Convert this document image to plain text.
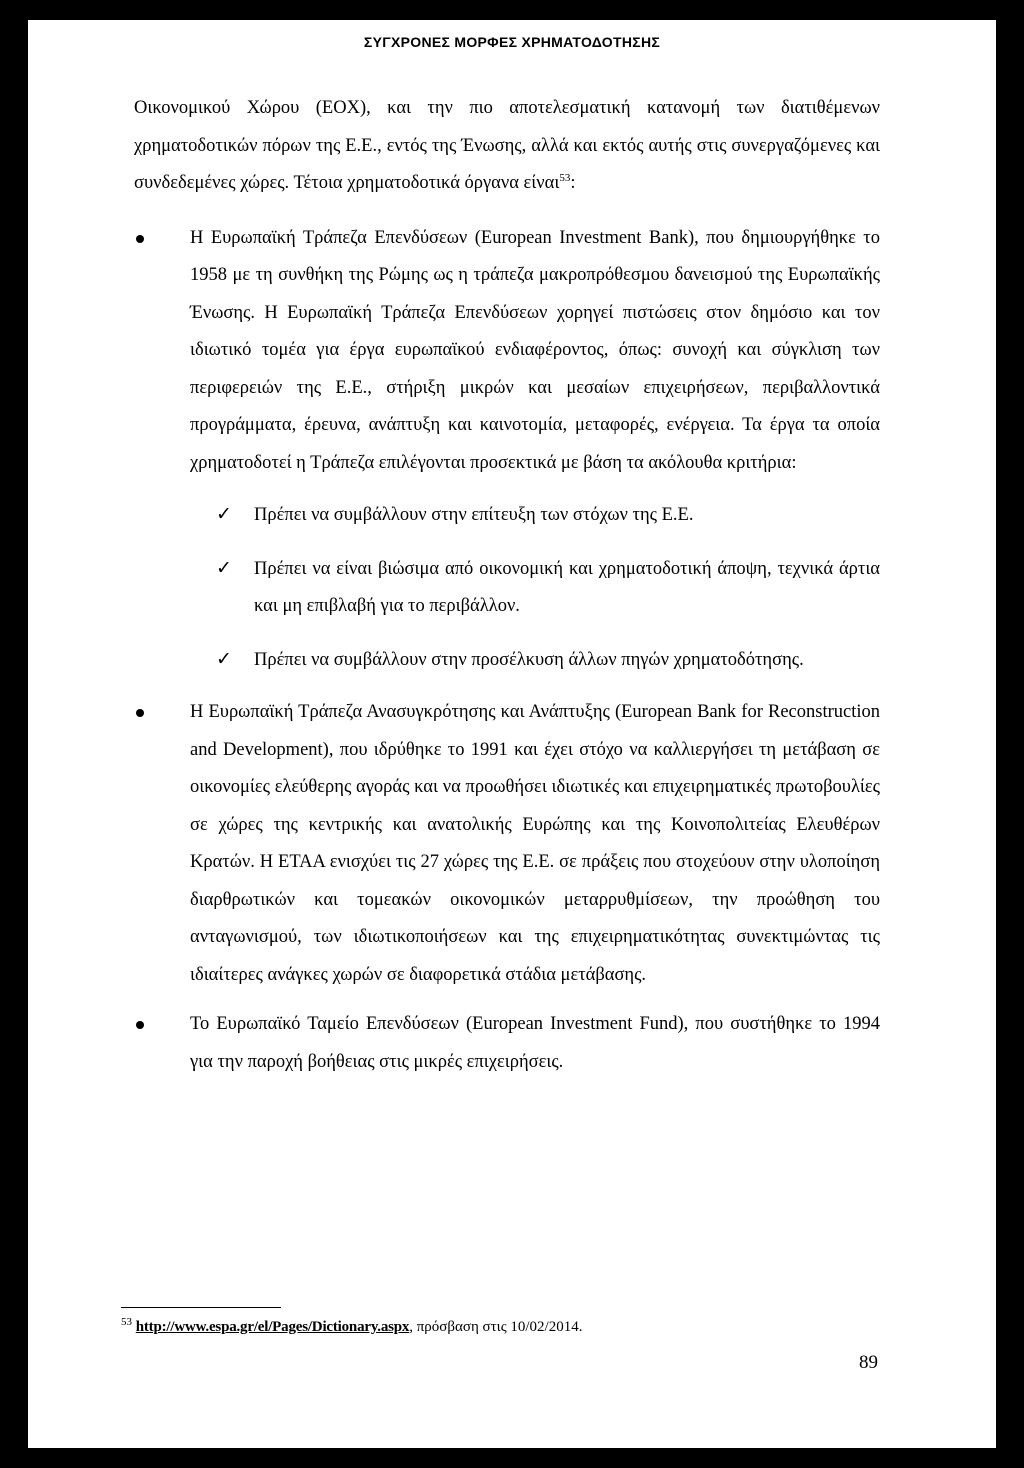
ΣΥΓΧΡΟΝΕΣ ΜΟΡΦΕΣ ΧΡΗΜΑΤΟΔΟΤΗΣΗΣ

Οικονομικού Χώρου (ΕΟΧ), και την πιο αποτελεσματική κατανομή των διατιθέμενων χρηματοδοτικών πόρων της Ε.Ε., εντός της Ένωσης, αλλά και εκτός αυτής στις συνεργαζόμενες και συνδεδεμένες χώρες. Τέτοια χρηματοδοτικά όργανα είναι$^{53}$:

Η Ευρωπαϊκή Τράπεζα Επενδύσεων (European Investment Bank), που δημιουργήθηκε το 1958 με τη συνθήκη της Ρώμης ως η τράπεζα μακροπρόθεσμου δανεισμού της Ευρωπαϊκής Ένωσης. Η Ευρωπαϊκή Τράπεζα Επενδύσεων χορηγεί πιστώσεις στον δημόσιο και τον ιδιωτικό τομέα για έργα ευρωπαϊκού ενδιαφέροντος, όπως: συνοχή και σύγκλιση των περιφερειών της Ε.Ε., στήριξη μικρών και μεσαίων επιχειρήσεων, περιβαλλοντικά προγράμματα, έρευνα, ανάπτυξη και καινοτομία, μεταφορές, ενέργεια. Τα έργα τα οποία χρηματοδοτεί η Τράπεζα επιλέγονται προσεκτικά με βάση τα ακόλουθα κριτήρια:

✓ Πρέπει να συμβάλλουν στην επίτευξη των στόχων της Ε.Ε.
✓ Πρέπει να είναι βιώσιμα από οικονομική και χρηματοδοτική άποψη, τεχνικά άρτια και μη επιβλαβή για το περιβάλλον.
✓ Πρέπει να συμβάλλουν στην προσέλκυση άλλων πηγών χρηματοδότησης.

Η Ευρωπαϊκή Τράπεζα Ανασυγκρότησης και Ανάπτυξης (European Bank for Reconstruction and Development), που ιδρύθηκε το 1991 και έχει στόχο να καλλιεργήσει τη μετάβαση σε οικονομίες ελεύθερης αγοράς και να προωθήσει ιδιωτικές και επιχειρηματικές πρωτοβουλίες σε χώρες της κεντρικής και ανατολικής Ευρώπης και της Κοινοπολιτείας Ελευθέρων Κρατών. Η ΕΤΑΑ ενισχύει τις 27 χώρες της Ε.Ε. σε πράξεις που στοχεύουν στην υλοποίηση διαρθρωτικών και τομεακών οικονομικών μεταρρυθμίσεων, την προώθηση του ανταγωνισμού, των ιδιωτικοποιήσεων και της επιχειρηματικότητας συνεκτιμώντας τις ιδιαίτερες ανάγκες χωρών σε διαφορετικά στάδια μετάβασης.

Το Ευρωπαϊκό Ταμείο Επενδύσεων (European Investment Fund), που συστήθηκε το 1994 για την παροχή βοήθειας στις μικρές επιχειρήσεις.

$^{53}$ http://www.espa.gr/el/Pages/Dictionary.aspx, πρόσβαση στις 10/02/2014.
89
